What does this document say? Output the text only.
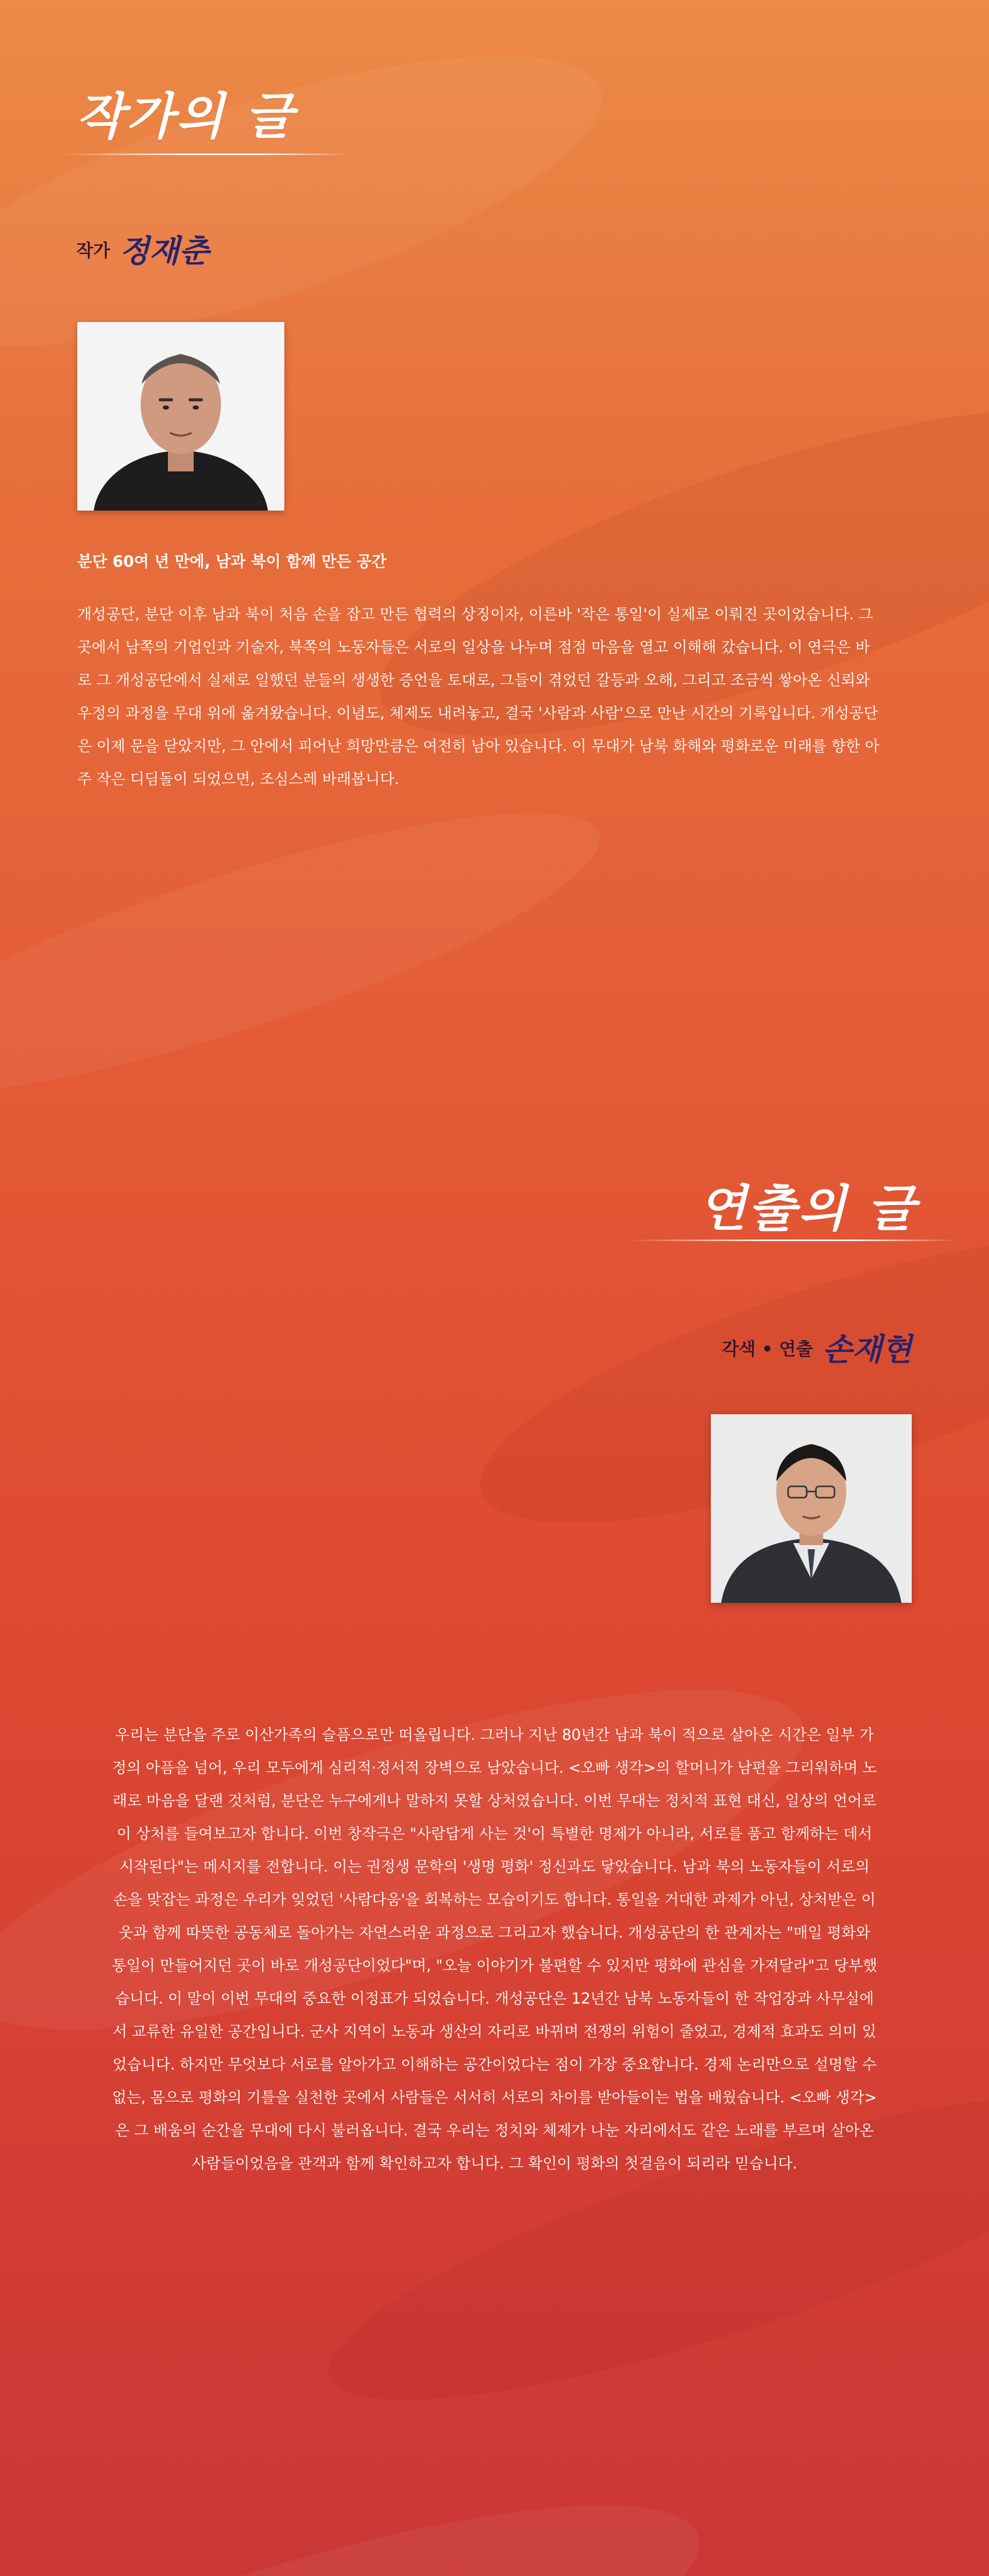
작가의 글
작가 정재춘
분단 60여 년 만에, 남과 북이 함께 만든 공간
개성공단, 분단 이후 남과 북이 처음 손을 잡고 만든 협력의 상징이자, 이른바 '작은 통일'이 실제로 이뤄진 곳이었습니다. 그곳에서 남쪽의 기업인과 기술자, 북쪽의 노동자들은 서로의 일상을 나누며 점점 마음을 열고 이해해 갔습니다. 이 연극은 바로 그 개성공단에서 실제로 일했던 분들의 생생한 증언을 토대로, 그들이 겪었던 갈등과 오해, 그리고 조금씩 쌓아온 신뢰와 우정의 과정을 무대 위에 옮겨왔습니다. 이념도, 체제도 내려놓고, 결국 '사람과 사람'으로 만난 시간의 기록입니다. 개성공단은 이제 문을 닫았지만, 그 안에서 피어난 희망만큼은 여전히 남아 있습니다. 이 무대가 남북 화해와 평화로운 미래를 향한 아주 작은 디딤돌이 되었으면, 조심스레 바래봅니다.
연출의 글
각색 • 연출 손재현
우리는 분단을 주로 이산가족의 슬픔으로만 떠올립니다. 그러나 지난 80년간 남과 북이 적으로 살아온 시간은 일부 가정의 아픔을 넘어, 우리 모두에게 심리적·정서적 장벽으로 남았습니다. <오빠 생각>의 할머니가 남편을 그리워하며 노래로 마음을 달랜 것처럼, 분단은 누구에게나 말하지 못할 상처였습니다. 이번 무대는 정치적 표현 대신, 일상의 언어로 이 상처를 들여보고자 합니다. 이번 창작극은 "사람답게 사는 것'이 특별한 명제가 아니라, 서로를 품고 함께하는 데서 시작된다"는 메시지를 전합니다. 이는 권정생 문학의 '생명 평화' 정신과도 닿았습니다. 남과 북의 노동자들이 서로의 손을 맞잡는 과정은 우리가 잊었던 '사람다움'을 회복하는 모습이기도 합니다. 통일을 거대한 과제가 아닌, 상처받은 이웃과 함께 따뜻한 공동체로 돌아가는 자연스러운 과정으로 그리고자 했습니다. 개성공단의 한 관계자는 "매일 평화와 통일이 만들어지던 곳이 바로 개성공단이었다"며, "오늘 이야기가 불편할 수 있지만 평화에 관심을 가져달라"고 당부했습니다. 이 말이 이번 무대의 중요한 이정표가 되었습니다. 개성공단은 12년간 남북 노동자들이 한 작업장과 사무실에서 교류한 유일한 공간입니다. 군사 지역이 노동과 생산의 자리로 바뀌며 전쟁의 위험이 줄었고, 경제적 효과도 의미 있었습니다. 하지만 무엇보다 서로를 알아가고 이해하는 공간이었다는 점이 가장 중요합니다. 경제 논리만으로 설명할 수 없는, 몸으로 평화의 기틀을 실천한 곳에서 사람들은 서서히 서로의 차이를 받아들이는 법을 배웠습니다. <오빠 생각>은 그 배움의 순간을 무대에 다시 불러옵니다. 결국 우리는 정치와 체제가 나눈 자리에서도 같은 노래를 부르며 살아온 사람들이었음을 관객과 함께 확인하고자 합니다. 그 확인이 평화의 첫걸음이 되리라 믿습니다.
